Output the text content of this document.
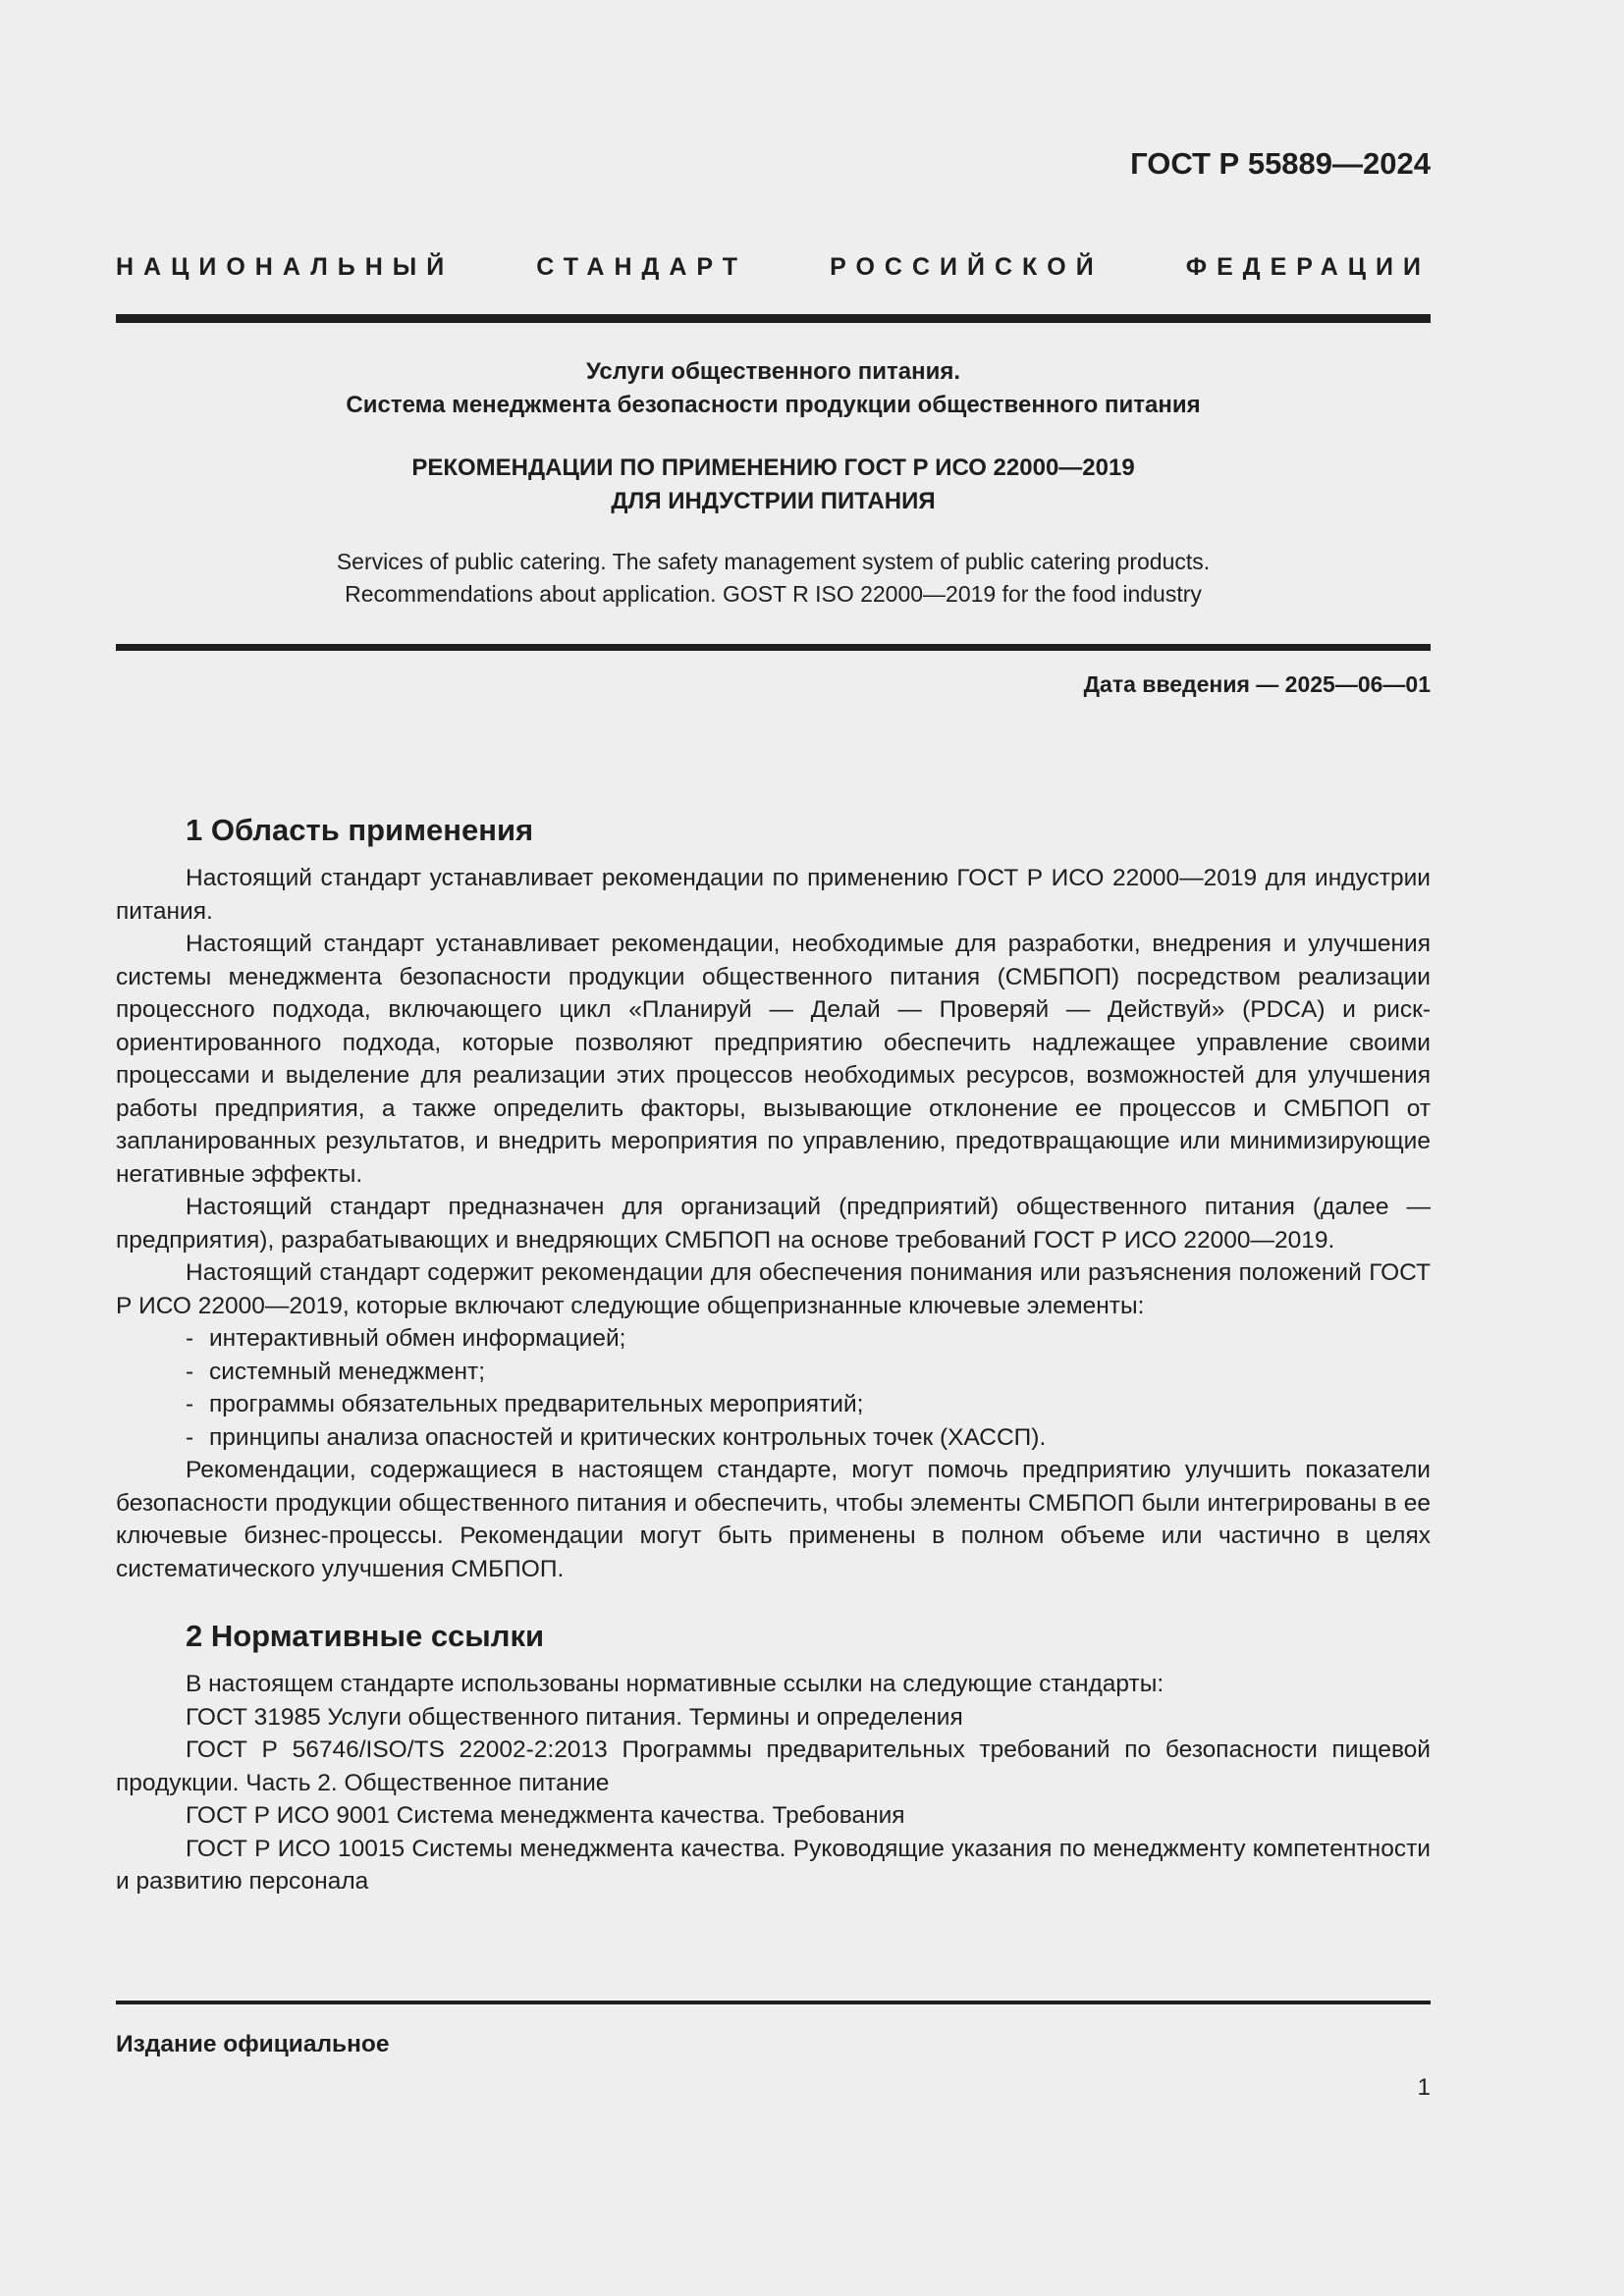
ГОСТ Р 55889—2024
НАЦИОНАЛЬНЫЙ СТАНДАРТ РОССИЙСКОЙ ФЕДЕРАЦИИ
Услуги общественного питания.
Система менеджмента безопасности продукции общественного питания
РЕКОМЕНДАЦИИ ПО ПРИМЕНЕНИЮ ГОСТ Р ИСО 22000—2019
ДЛЯ ИНДУСТРИИ ПИТАНИЯ
Services of public catering. The safety management system of public catering products.
Recommendations about application. GOST R ISO 22000—2019 for the food industry
Дата введения — 2025—06—01
1 Область применения

Настоящий стандарт устанавливает рекомендации по применению ГОСТ Р ИСО 22000—2019 для индустрии питания.

Настоящий стандарт устанавливает рекомендации, необходимые для разработки, внедрения и улучшения системы менеджмента безопасности продукции общественного питания (СМБПОП) посредством реализации процессного подхода, включающего цикл «Планируй — Делай — Проверяй — Действуй» (PDCA) и риск-ориентированного подхода, которые позволяют предприятию обеспечить надлежащее управление своими процессами и выделение для реализации этих процессов необходимых ресурсов, возможностей для улучшения работы предприятия, а также определить факторы, вызывающие отклонение ее процессов и СМБПОП от запланированных результатов, и внедрить мероприятия по управлению, предотвращающие или минимизирующие негативные эффекты.

Настоящий стандарт предназначен для организаций (предприятий) общественного питания (далее — предприятия), разрабатывающих и внедряющих СМБПОП на основе требований ГОСТ Р ИСО 22000—2019.

Настоящий стандарт содержит рекомендации для обеспечения понимания или разъяснения положений ГОСТ Р ИСО 22000—2019, которые включают следующие общепризнанные ключевые элементы:

- интерактивный обмен информацией;
- системный менеджмент;
- программы обязательных предварительных мероприятий;
- принципы анализа опасностей и критических контрольных точек (ХАССП).

Рекомендации, содержащиеся в настоящем стандарте, могут помочь предприятию улучшить показатели безопасности продукции общественного питания и обеспечить, чтобы элементы СМБПОП были интегрированы в ее ключевые бизнес-процессы. Рекомендации могут быть применены в полном объеме или частично в целях систематического улучшения СМБПОП.

2 Нормативные ссылки

В настоящем стандарте использованы нормативные ссылки на следующие стандарты:

ГОСТ 31985 Услуги общественного питания. Термины и определения

ГОСТ Р 56746/ISO/TS 22002-2:2013 Программы предварительных требований по безопасности пищевой продукции. Часть 2. Общественное питание

ГОСТ Р ИСО 9001 Система менеджмента качества. Требования

ГОСТ Р ИСО 10015 Системы менеджмента качества. Руководящие указания по менеджменту компетентности и развитию персонала

Издание официальное
1
